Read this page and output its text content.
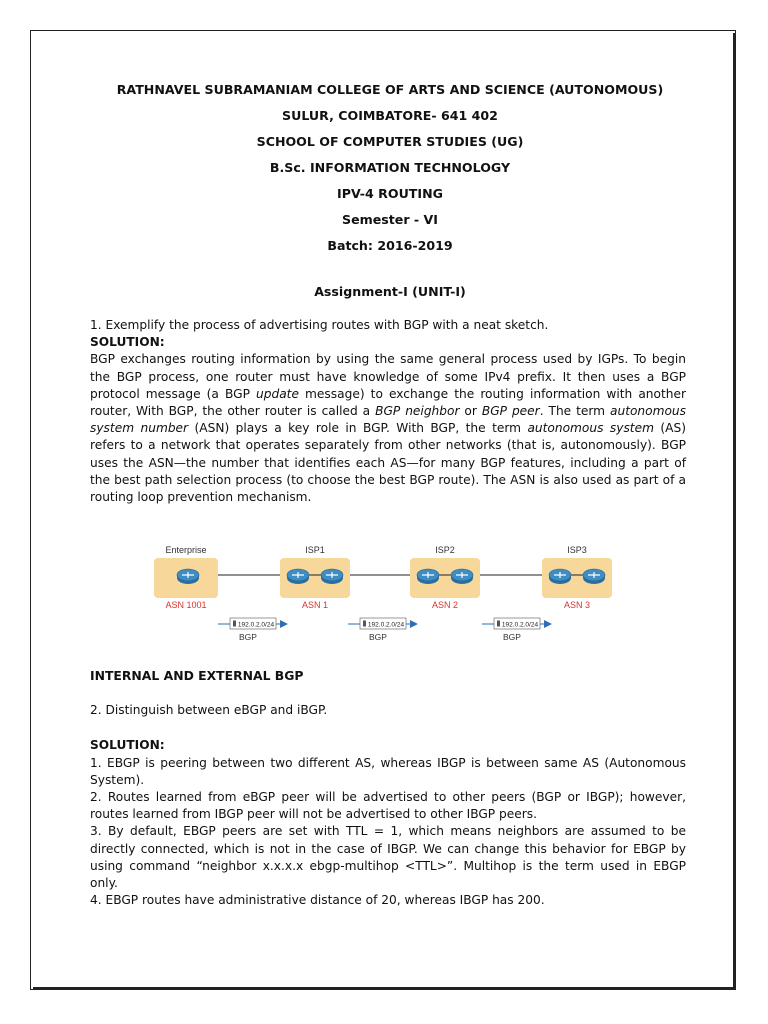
RATHNAVEL SUBRAMANIAM COLLEGE OF ARTS AND SCIENCE (AUTONOMOUS)
SULUR, COIMBATORE- 641 402
SCHOOL OF COMPUTER STUDIES (UG)
B.Sc. INFORMATION TECHNOLOGY
IPV-4 ROUTING
Semester - VI
Batch: 2016-2019
Assignment-I (UNIT-I)
1. Exemplify the process of advertising routes with BGP with a neat sketch.
SOLUTION:

BGP exchanges routing information by using the same general process used by IGPs. To begin the BGP process, one router must have knowledge of some IPv4 prefix. It then uses a BGP protocol message (a BGP update message) to exchange the routing information with another router, With BGP, the other router is called a BGP neighbor or BGP peer. The term autonomous system number (ASN) plays a key role in BGP. With BGP, the term autonomous system (AS) refers to a network that operates separately from other networks (that is, autonomously). BGP uses the ASN—the number that identifies each AS—for many BGP features, including a part of the best path selection process (to choose the best BGP route). The ASN is also used as part of a routing loop prevention mechanism.

Enterprise
ASN 1001
ISP1
ASN 1
ISP2
ASN 2
ISP3
ASN 3
192.0.2.0/24
BGP
192.0.2.0/24
BGP
192.0.2.0/24
BGP
INTERNAL AND EXTERNAL BGP
2. Distinguish between eBGP and iBGP.
SOLUTION:

1. EBGP is peering between two different AS, whereas IBGP is between same AS (Autonomous System).

2. Routes learned from eBGP peer will be advertised to other peers (BGP or IBGP); however, routes learned from IBGP peer will not be advertised to other IBGP peers.

3. By default, EBGP peers are set with TTL = 1, which means neighbors are assumed to be directly connected, which is not in the case of IBGP. We can change this behavior for EBGP by using command “neighbor x.x.x.x ebgp-multihop <TTL>”. Multihop is the term used in EBGP only.

4. EBGP routes have administrative distance of 20, whereas IBGP has 200.
